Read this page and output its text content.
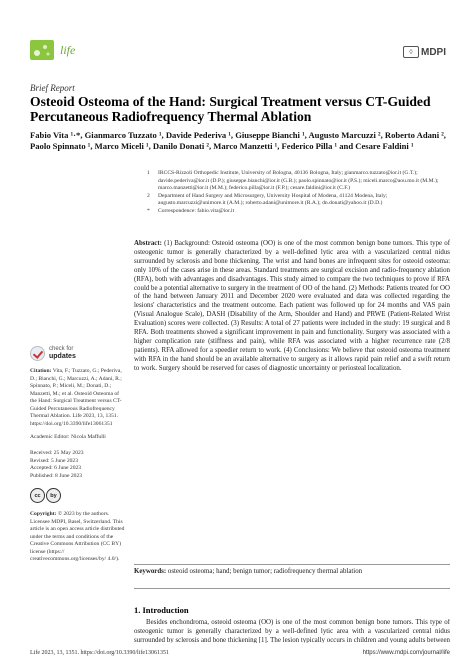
life	◊ MDPI
Brief Report
Osteoid Osteoma of the Hand: Surgical Treatment versus CT-Guided Percutaneous Radiofrequency Thermal Ablation
Fabio Vita ¹·*, Gianmarco Tuzzato ¹, Davide Pederiva ¹, Giuseppe Bianchi ¹, Augusto Marcuzzi ², Roberto Adani ²,
Paolo Spinnato ¹, Marco Miceli ¹, Danilo Donati ², Marco Manzetti ¹, Federico Pilla ¹ and Cesare Faldini ¹
1	IRCCS-Rizzoli Orthopedic Institute, University of Bologna, 40136 Bologna, Italy; gianmarco.tuzzato@ior.it (G.T.); davide.pederiva@ior.it (D.P.); giuseppe.bianchi@ior.it (G.B.); paolo.spinnato@ior.it (P.S.); miceli.marco@aou.mo.it (M.M.); marco.manzetti@ior.it (M.M.); federico.pilla@ior.it (F.P.); cesare.faldini@ior.it (C.F.)
2	Department of Hand Surgery and Microsurgery, University Hospital of Modena, 41124 Modena, Italy; augusto.marcuzzi@unimore.it (A.M.); roberto.adani@unimore.it (R.A.); dn.donati@yahoo.it (D.D.)
*	Correspondence: fabio.vita@ior.it
Abstract: (1) Background: Osteoid osteoma (OO) is one of the most common benign bone tumors. This type of osteogenic tumor is generally characterized by a well-defined lytic area with a vascularized central nidus surrounded by sclerosis and bone thickening. The wrist and hand bones are infrequent sites for osteoid osteoma: only 10% of the cases arise in these areas. Standard treatments are surgical excision and radio-frequency ablation (RFA), both with advantages and disadvantages. This study aimed to compare the two techniques to prove if RFA could be a potential alternative to surgery in the treatment of OO of the hand. (2) Methods: Patients treated for OO of the hand between January 2011 and December 2020 were evaluated and data was collected regarding the lesions' characteristics and the treatment outcome. Each patient was followed up for 24 months and VAS pain (Visual Analogue Scale), DASH (Disability of the Arm, Shoulder and Hand) and PRWE (Patient-Related Wrist Evaluation) scores were collected. (3) Results: A total of 27 patients were included in the study: 19 surgical and 8 RFA. Both treatments showed a significant improvement in pain and functionality. Surgery was associated with a higher complication rate (stiffness and pain), while RFA was associated with a higher recurrence rate (2/8 patients). RFA allowed for a speedier return to work. (4) Conclusions: We believe that osteoid osteoma treatment with RFA in the hand should be an available alternative to surgery as it allows rapid pain relief and a swift return to work. Surgery should be reserved for cases of diagnostic uncertainty or periosteal localization.
Keywords: osteoid osteoma; hand; benign tumor; radiofrequency thermal ablation
check for
updates
Citation: Vita, F.; Tuzzato, G.; Pederiva, D.; Bianchi, G.; Marcuzzi, A.; Adani, R.; Spinnato, P.; Miceli, M.; Donati, D.; Manzetti, M.; et al. Osteoid Osteoma of the Hand: Surgical Treatment versus CT-Guided Percutaneous Radiofrequency Thermal Ablation. Life 2023, 13, 1351. https://doi.org/10.3390/life13061351
Academic Editor: Nicola Maffulli
Received: 25 May 2023
Revised: 5 June 2023
Accepted: 6 June 2023
Published: 8 June 2023
cc	by
Copyright: © 2023 by the authors. Licensee MDPI, Basel, Switzerland. This article is an open access article distributed under the terms and conditions of the Creative Commons Attribution (CC BY) license (https:// creativecommons.org/licenses/by/ 4.0/).
1. Introduction

Besides enchondroma, osteoid osteoma (OO) is one of the most common benign bone tumors. This type of osteogenic tumor is generally characterized by a well-defined lytic area with a vascularized central nidus surrounded by sclerosis and bone thickening [1]. The lesion typically occurs in children and young adults between

Life 2023, 13, 1351. https://doi.org/10.3390/life13061351	https://www.mdpi.com/journal/life
